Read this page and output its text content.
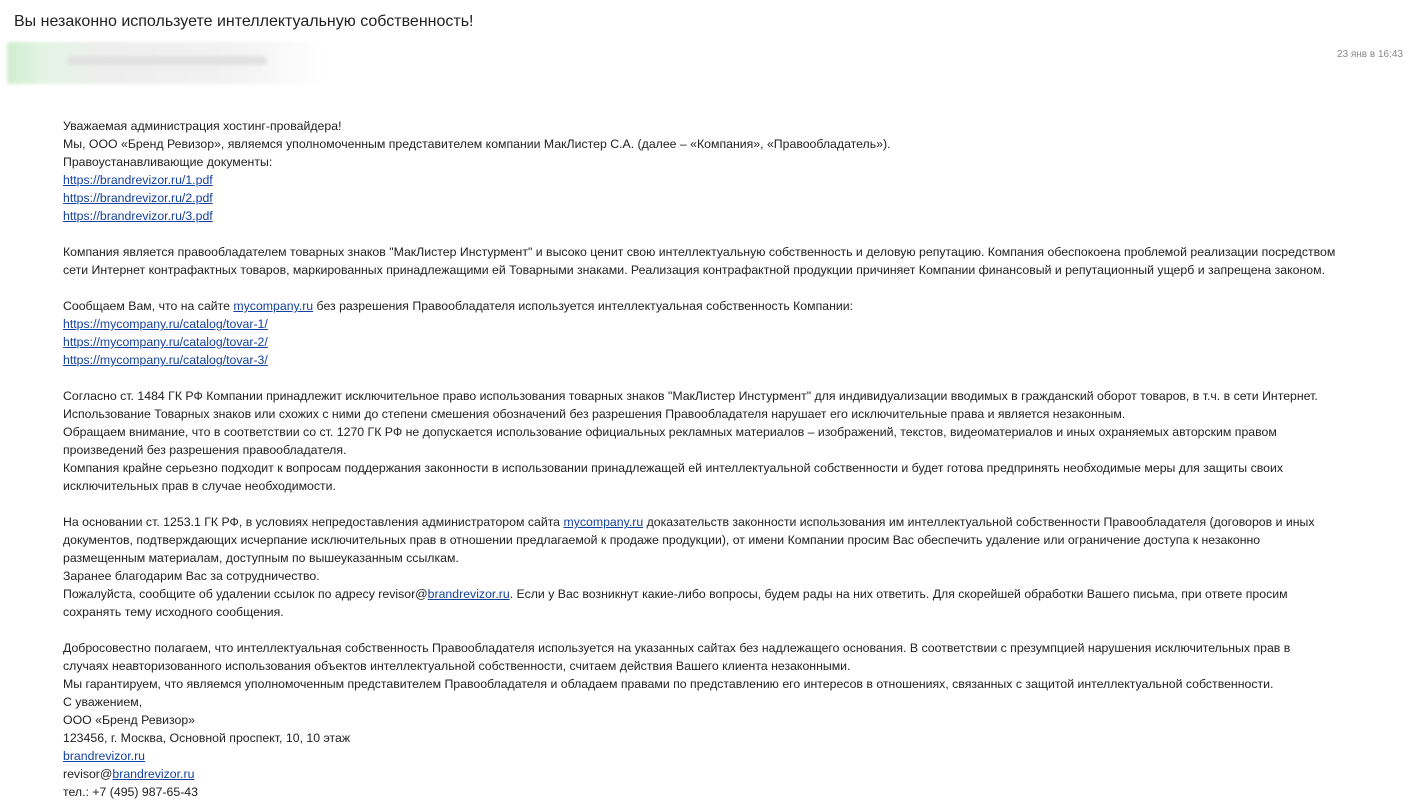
Вы незаконно используете интеллектуальную собственность!
23 янв в 16:43
Уважаемая администрация хостинг-провайдера!
Мы, ООО «Бренд Ревизор», являемся уполномоченным представителем компании МакЛистер С.А. (далее – «Компания», «Правообладатель»).
Правоустанавливающие документы:
https://brandrevizor.ru/1.pdf
https://brandrevizor.ru/2.pdf
https://brandrevizor.ru/3.pdf
Компания является правообладателем товарных знаков "МакЛистер Инстурмент" и высоко ценит свою интеллектуальную собственность и деловую репутацию. Компания обеспокоена проблемой реализации посредством
сети Интернет контрафактных товаров, маркированных принадлежащими ей Товарными знаками. Реализация контрафактной продукции причиняет Компании финансовый и репутационный ущерб и запрещена законом.
Сообщаем Вам, что на сайте mycompany.ru без разрешения Правообладателя используется интеллектуальная собственность Компании:
https://mycompany.ru/catalog/tovar-1/
https://mycompany.ru/catalog/tovar-2/
https://mycompany.ru/catalog/tovar-3/
Согласно ст. 1484 ГК РФ Компании принадлежит исключительное право использования товарных знаков "МакЛистер Инстурмент" для индивидуализации вводимых в гражданский оборот товаров, в т.ч. в сети Интернет.
Использование Товарных знаков или схожих с ними до степени смешения обозначений без разрешения Правообладателя нарушает его исключительные права и является незаконным.
Обращаем внимание, что в соответствии со ст. 1270 ГК РФ не допускается использование официальных рекламных материалов – изображений, текстов, видеоматериалов и иных охраняемых авторским правом
произведений без разрешения правообладателя.
Компания крайне серьезно подходит к вопросам поддержания законности в использовании принадлежащей ей интеллектуальной собственности и будет готова предпринять необходимые меры для защиты своих
исключительных прав в случае необходимости.
На основании ст. 1253.1 ГК РФ, в условиях непредоставления администратором сайта mycompany.ru доказательств законности использования им интеллектуальной собственности Правообладателя (договоров и иных
документов, подтверждающих исчерпание исключительных прав в отношении предлагаемой к продаже продукции), от имени Компании просим Вас обеспечить удаление или ограничение доступа к незаконно
размещенным материалам, доступным по вышеуказанным ссылкам.
Заранее благодарим Вас за сотрудничество.
Пожалуйста, сообщите об удалении ссылок по адресу revisor@brandrevizor.ru. Если у Вас возникнут какие-либо вопросы, будем рады на них ответить. Для скорейшей обработки Вашего письма, при ответе просим
сохранять тему исходного сообщения.
Добросовестно полагаем, что интеллектуальная собственность Правообладателя используется на указанных сайтах без надлежащего основания. В соответствии с презумпцией нарушения исключительных прав в
случаях неавторизованного использования объектов интеллектуальной собственности, считаем действия Вашего клиента незаконными.
Мы гарантируем, что являемся уполномоченным представителем Правообладателя и обладаем правами по представлению его интересов в отношениях, связанных с защитой интеллектуальной собственности.
С уважением,
ООО «Бренд Ревизор»
123456, г. Москва, Основной проспект, 10, 10 этаж
brandrevizor.ru
revisor@brandrevizor.ru
тел.: +7 (495) 987-65-43
